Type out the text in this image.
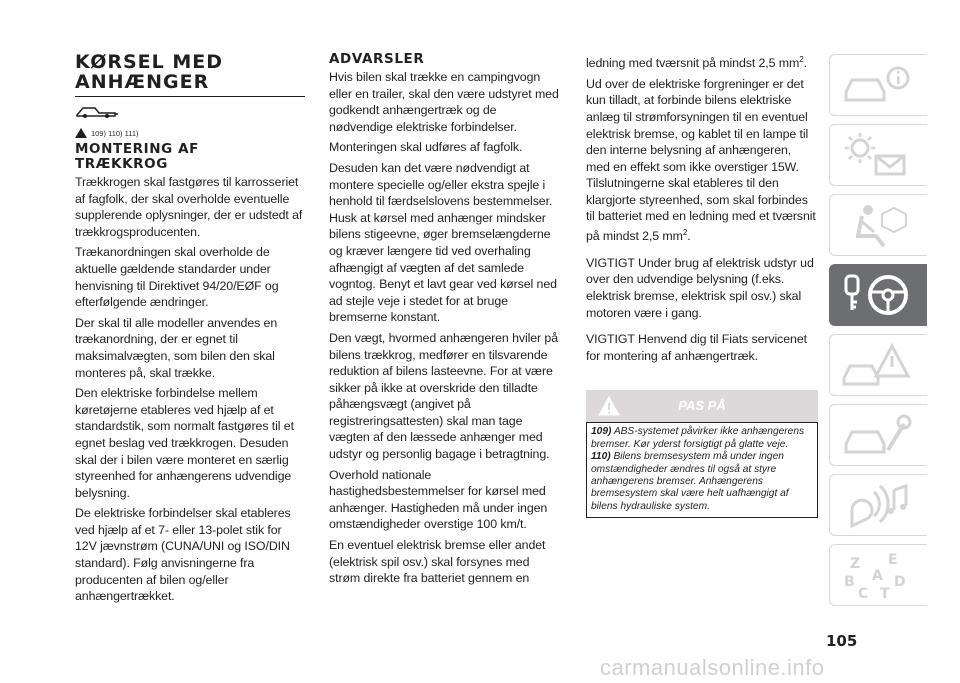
KØRSEL MED
ANHÆNGER
109) 110) 111)
MONTERING AF
TRÆKKROG

Trækkrogen skal fastgøres til karrosseriet af fagfolk, der skal overholde eventuelle supplerende oplysninger, der er udstedt af trækkrogsproducenten.

Trækanordningen skal overholde de aktuelle gældende standarder under henvisning til Direktivet 94/20/EØF og efterfølgende ændringer.

Der skal til alle modeller anvendes en trækanordning, der er egnet til maksimalvægten, som bilen den skal monteres på, skal trække.

Den elektriske forbindelse mellem køretøjerne etableres ved hjælp af et standardstik, som normalt fastgøres til et egnet beslag ved trækkrogen. Desuden skal der i bilen være monteret en særlig styreenhed for anhængerens udvendige belysning.

De elektriske forbindelser skal etableres ved hjælp af et 7- eller 13-polet stik for 12V jævnstrøm (CUNA/UNI og ISO/DIN standard). Følg anvisningerne fra producenten af bilen og/eller anhængertrækket.

ADVARSLER

Hvis bilen skal trække en campingvogn eller en trailer, skal den være udstyret med godkendt anhængertræk og de nødvendige elektriske forbindelser.

Monteringen skal udføres af fagfolk.

Desuden kan det være nødvendigt at montere specielle og/eller ekstra spejle i henhold til færdselslovens bestemmelser. Husk at kørsel med anhænger mindsker bilens stigeevne, øger bremselængderne og kræver længere tid ved overhaling afhængigt af vægten af det samlede vogntog. Benyt et lavt gear ved kørsel ned ad stejle veje i stedet for at bruge bremserne konstant.

Den vægt, hvormed anhængeren hviler på bilens trækkrog, medfører en tilsvarende reduktion af bilens lasteevne. For at være sikker på ikke at overskride den tilladte påhængsvægt (angivet på registreringsattesten) skal man tage vægten af den læssede anhænger med udstyr og personlig bagage i betragtning.

Overhold nationale hastighedsbestemmelser for kørsel med anhænger. Hastigheden må under ingen omstændigheder overstige 100 km/t.

En eventuel elektrisk bremse eller andet (elektrisk spil osv.) skal forsynes med strøm direkte fra batteriet gennem en

ledning med tværsnit på mindst 2,5 $mm^2$.

Ud over de elektriske forgreninger er det kun tilladt, at forbinde bilens elektriske anlæg til strømforsyningen til en eventuel elektrisk bremse, og kablet til en lampe til den interne belysning af anhængeren, med en effekt som ikke overstiger 15W. Tilslutningerne skal etableres til den klargjorte styreenhed, som skal forbindes til batteriet med en ledning med et tværsnit på mindst 2,5 $mm^2$.

VIGTIGT Under brug af elektrisk udstyr ud over den udvendige belysning (f.eks. elektrisk bremse, elektrisk spil osv.) skal motoren være i gang.

VIGTIGT Henvend dig til Fiats servicenet for montering af anhængertræk.

PAS PÅ
109) ABS-systemet påvirker ikke anhængerens bremser. Kør yderst forsigtigt på glatte veje.
110) Bilens bremsesystem må under ingen omstændigheder ændres til også at styre anhængerens bremser. Anhængerens bremsesystem skal være helt uafhængigt af bilens hydrauliske system.
Z E
B A D
C T
105
carmanualsonline.info
